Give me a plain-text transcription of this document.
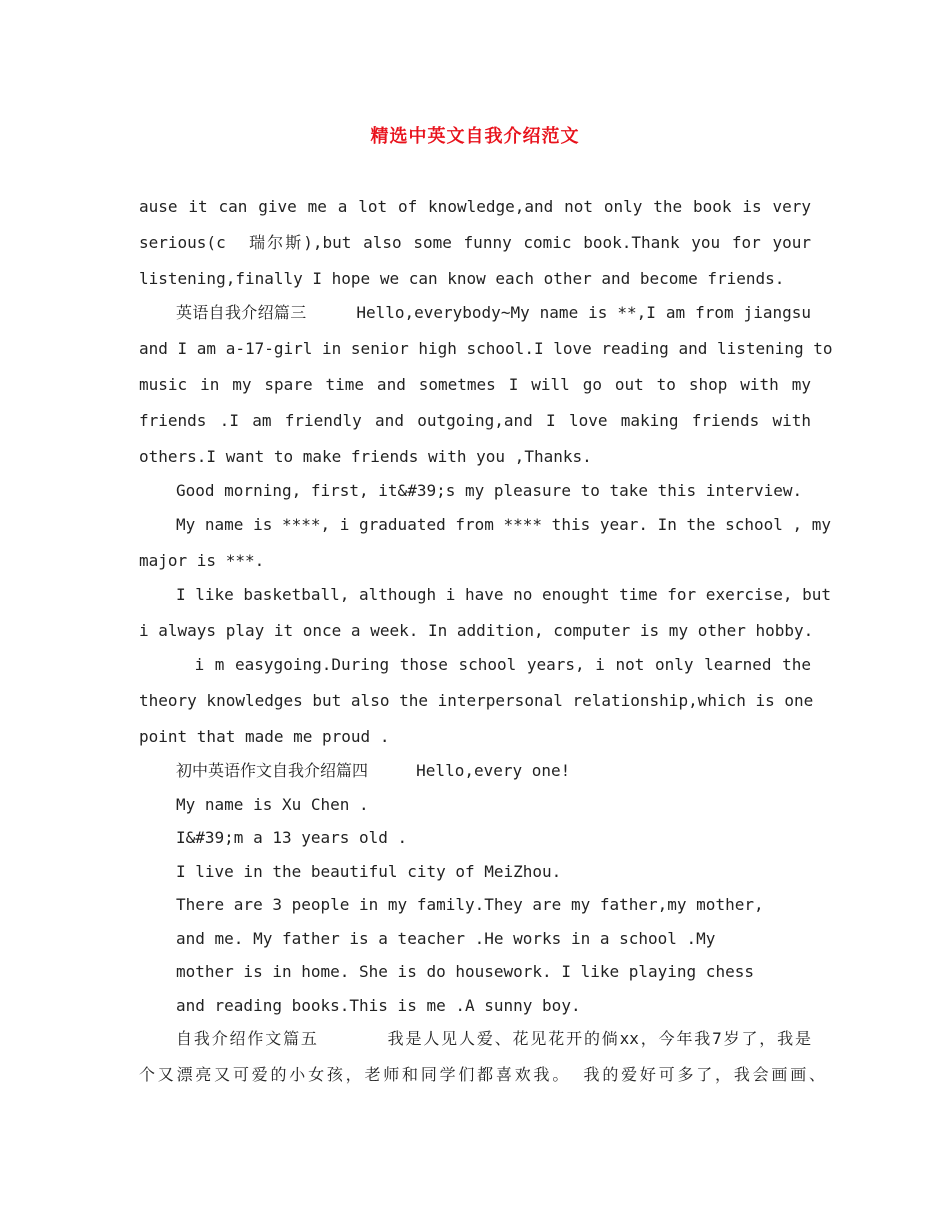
精选中英文自我介绍范文
ause it can give me a lot of knowledge,and not only the book is very
serious(c  瑞尔斯),but also some funny comic book.Thank you for your
listening,finally I hope we can know each other and become friends.
英语自我介绍篇三     Hello,everybody~My name is **,I am from jiangsu
and I am a-17-girl in senior high school.I love reading and listening to
music in my spare time and sometmes I will go out to shop with my
friends .I am friendly and outgoing,and I love making friends with
others.I want to make friends with you ,Thanks.
Good morning, first, it&#39;s my pleasure to take this interview.
My name is ****, i graduated from **** this year. In the school , my
major is ***.
I like basketball, although i have no enought time for exercise, but
i always play it once a week. In addition, computer is my other hobby.
i m easygoing.During those school years, i not only learned the
theory knowledges but also the interpersonal relationship,which is one
point that made me proud .
初中英语作文自我介绍篇四     Hello,every one!
My name is Xu Chen .
I&#39;m a 13 years old .
I live in the beautiful city of MeiZhou.
There are 3 people in my family.They are my father,my mother,
and me. My father is a teacher .He works in a school .My
mother is in home. She is do housework. I like playing chess
and reading books.This is me .A sunny boy.
自我介绍作文篇五      我是人见人爱、花见花开的倘xx，今年我7岁了，我是
个又漂亮又可爱的小女孩，老师和同学们都喜欢我。 我的爱好可多了，我会画画、
